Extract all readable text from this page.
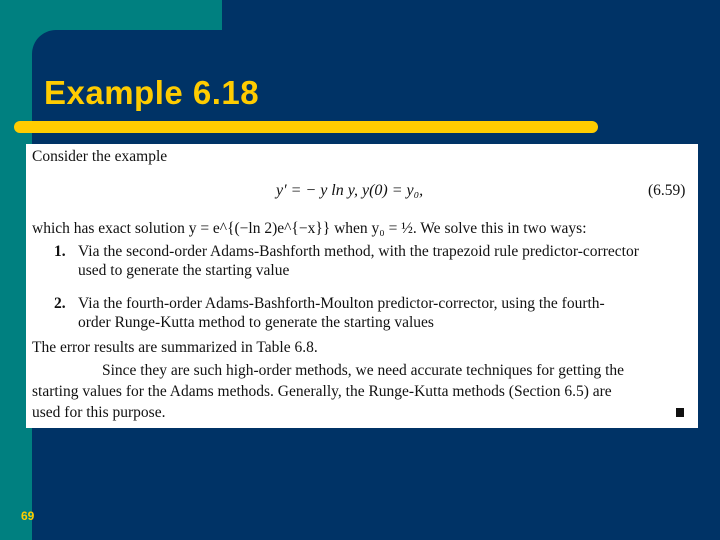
Example 6.18
Consider the example
y′ = − y ln y, y(0) = y₀,	(6.59)
which has exact solution y = e^{(−ln 2)e^{−x}} when y₀ = ½. We solve this in two ways:
1. Via the second-order Adams-Bashforth method, with the trapezoid rule predictor-corrector
used to generate the starting value
2. Via the fourth-order Adams-Bashforth-Moulton predictor-corrector, using the fourth-
order Runge-Kutta method to generate the starting values
The error results are summarized in Table 6.8.
Since they are such high-order methods, we need accurate techniques for getting the
starting values for the Adams methods. Generally, the Runge-Kutta methods (Section 6.5) are
used for this purpose.
69
